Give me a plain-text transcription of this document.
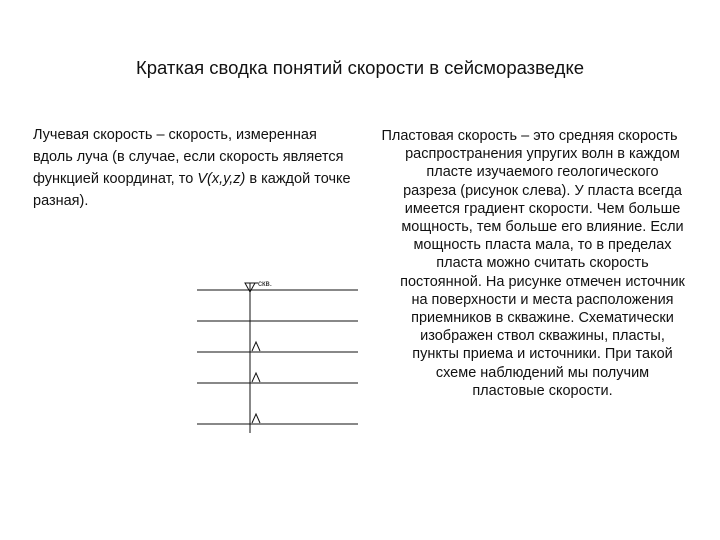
Краткая сводка понятий скорости в сейсморазведке
Лучевая скорость – скорость, измеренная вдоль луча (в случае, если скорость является функцией координат, то V(x,y,z) в каждой точке разная).
скв.
Пластовая скорость – это средняя скорость распространения упругих волн в каждом пласте изучаемого геологического разреза (рисунок слева). У пласта всегда имеется градиент скорости. Чем больше мощность, тем больше его влияние. Если мощность пласта мала, то в пределах пласта можно считать скорость постоянной. На рисунке отмечен источник на поверхности и места расположения приемников в скважине. Схематически изображен ствол скважины, пласты, пункты приема и источники. При такой схеме наблюдений мы получим пластовые скорости.
